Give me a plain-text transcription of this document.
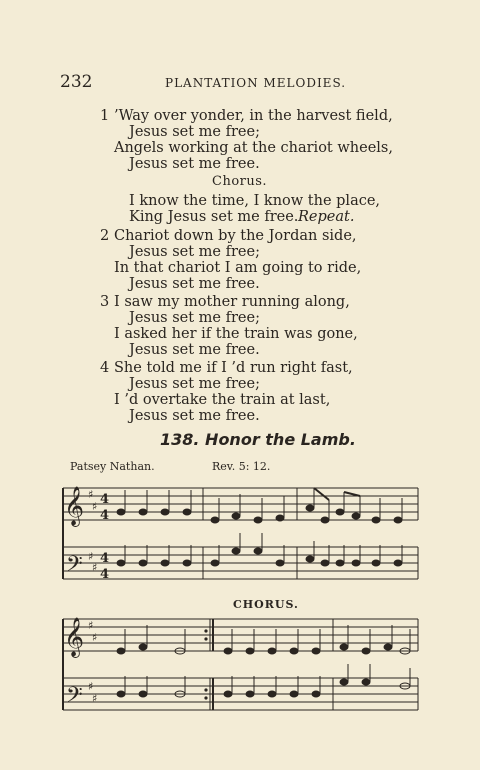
232	PLANTATION MELODIES.
1 ’Way over yonder, in the harvest field,
Jesus set me free;
Angels working at the chariot wheels,
Jesus set me free.
Chorus.
I know the time, I know the place,
King Jesus set me free. Repeat.
2 Chariot down by the Jordan side,
Jesus set me free;
In that chariot I am going to ride,
Jesus set me free.
3 I saw my mother running along,
Jesus set me free;
I asked her if the train was gone,
Jesus set me free.
4 She told me if I ’d run right fast,
Jesus set me free;
I ’d overtake the train at last,
Jesus set me free.
138. Honor the Lamb.
Patsey Nathan.	Rev. 5: 12.
CHORUS.
𝄞
𝄢
♯
♯
♯
♯
4
4
4
4
𝄞
𝄢
♯
♯
♯
♯
